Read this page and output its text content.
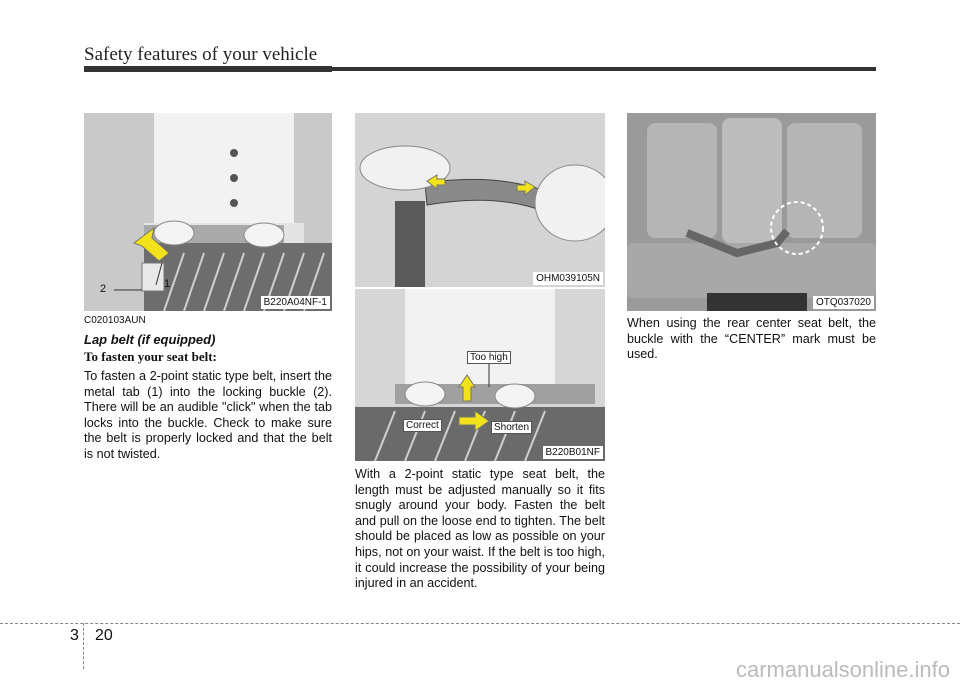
Safety features of your vehicle
B220A04NF-1
2	1
C020103AUN
Lap belt (if equipped)
To fasten your seat belt:
To fasten a 2-point static type belt, insert the metal tab (1) into the locking buckle (2). There will be an audible "click" when the tab locks into the buckle. Check to make sure the belt is properly locked and that the belt is not twisted.
OHM039105N
Too high
Correct	Shorten
B220B01NF
With a 2-point static type seat belt, the length must be adjusted manually so it fits snugly around your body. Fasten the belt and pull on the loose end to tighten. The belt should be placed as low as possible on your hips, not on your waist. If the belt is too high, it could increase the possibility of your being injured in an accident.
OTQ037020
When using the rear center seat belt, the buckle with the “CENTER” mark must be used.
3 20
carmanualsonline.info
